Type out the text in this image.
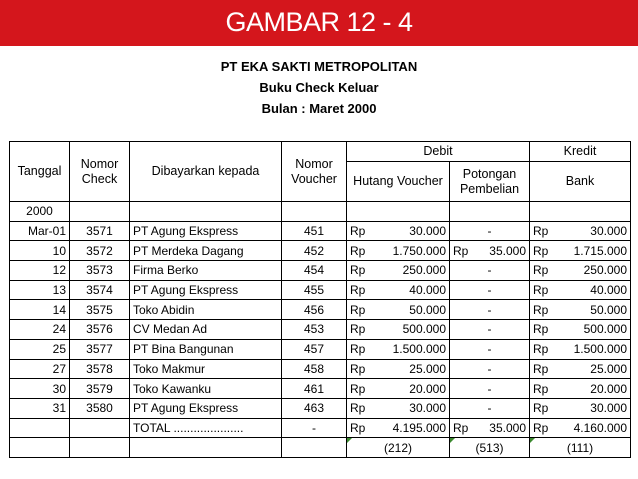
GAMBAR 12 - 4
PT EKA SAKTI METROPOLITAN
Buku Check Keluar
Bulan : Maret 2000
Tanggal	Nomor Check	Dibayarkan kepada	Nomor Voucher	Debit		Kredit
				Hutang Voucher	Potongan Pembelian	Bank
2000						
Mar-01	3571	PT Agung Ekspress	451	Rp 30.000	-	Rp 30.000

10	3572	PT Merdeka Dagang	452	Rp 1.750.000	Rp 35.000	Rp 1.715.000

12	3573	Firma Berko	454	Rp 250.000	-	Rp 250.000

13	3574	PT Agung Ekspress	455	Rp 40.000	-	Rp 40.000

14	3575	Toko Abidin	456	Rp 50.000	-	Rp 50.000

24	3576	CV Medan Ad	453	Rp 500.000	-	Rp 500.000

25	3577	PT Bina Bangunan	457	Rp 1.500.000	-	Rp 1.500.000

27	3578	Toko Makmur	458	Rp 25.000	-	Rp 25.000

30	3579	Toko Kawanku	461	Rp 20.000	-	Rp 20.000

31	3580	PT Agung Ekspress	463	Rp 30.000	-	Rp 30.000

		TOTAL .....................	-	Rp 4.195.000	Rp 35.000	Rp 4.160.000

				(212)	(513)	(111)
